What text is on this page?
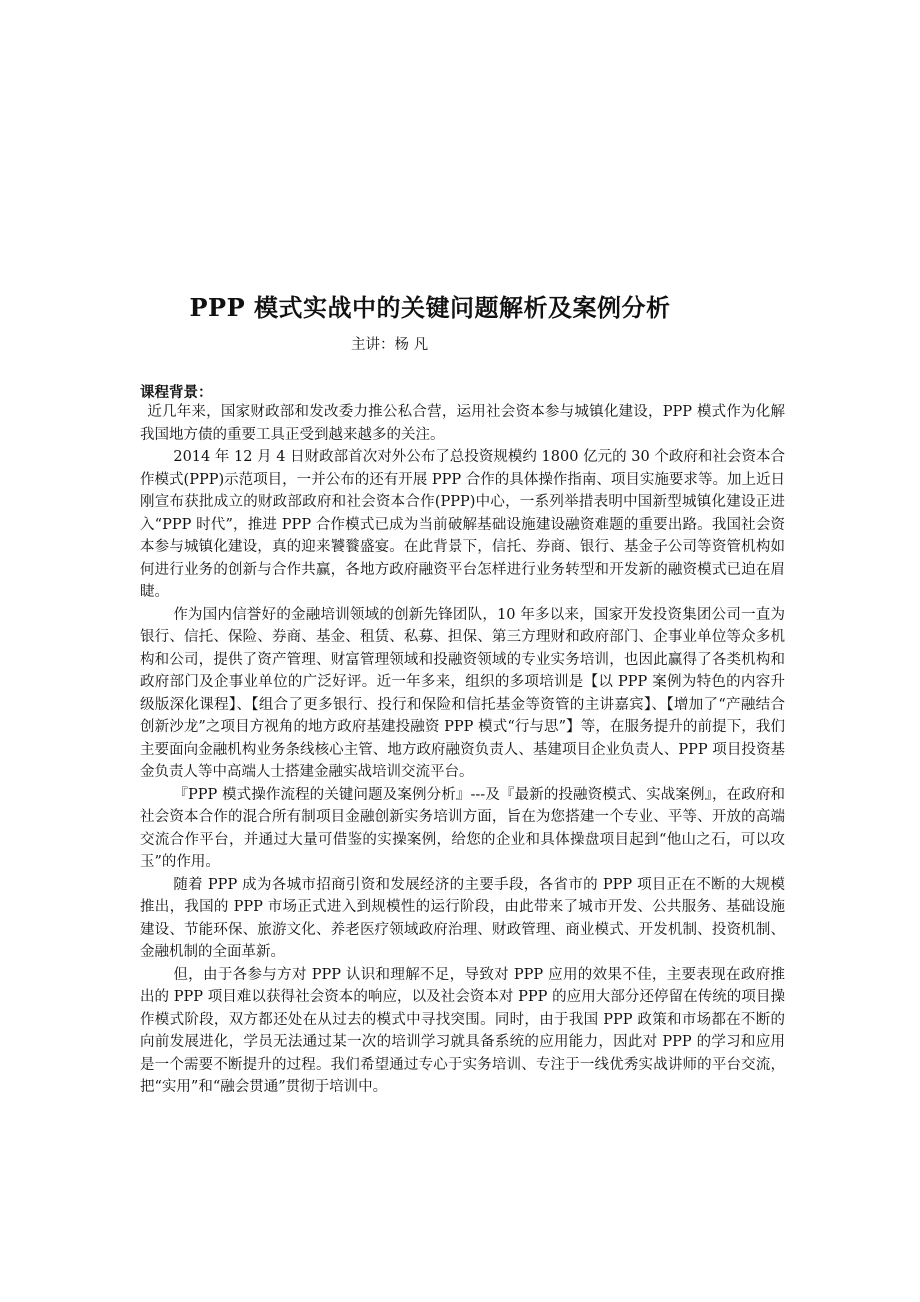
PPP 模式实战中的关键问题解析及案例分析
主讲：杨 凡
课程背景：

近几年来，国家财政部和发改委力推公私合营，运用社会资本参与城镇化建设，PPP 模式作为化解我国地方债的重要工具正受到越来越多的关注。

2014 年 12 月 4 日财政部首次对外公布了总投资规模约 1800 亿元的 30 个政府和社会资本合作模式(PPP)示范项目，一并公布的还有开展 PPP 合作的具体操作指南、项目实施要求等。加上近日刚宣布获批成立的财政部政府和社会资本合作(PPP)中心，一系列举措表明中国新型城镇化建设正进入“PPP 时代”，推进 PPP 合作模式已成为当前破解基础设施建设融资难题的重要出路。我国社会资本参与城镇化建设，真的迎来饕餮盛宴。在此背景下，信托、券商、银行、基金子公司等资管机构如何进行业务的创新与合作共赢，各地方政府融资平台怎样进行业务转型和开发新的融资模式已迫在眉睫。

作为国内信誉好的金融培训领域的创新先锋团队，10 年多以来，国家开发投资集团公司一直为银行、信托、保险、券商、基金、租赁、私募、担保、第三方理财和政府部门、企事业单位等众多机构和公司，提供了资产管理、财富管理领域和投融资领域的专业实务培训，也因此赢得了各类机构和政府部门及企事业单位的广泛好评。近一年多来，组织的多项培训是【以 PPP 案例为特色的内容升级版深化课程】、【组合了更多银行、投行和保险和信托基金等资管的主讲嘉宾】、【增加了“产融结合创新沙龙”之项目方视角的地方政府基建投融资 PPP 模式“行与思”】等，在服务提升的前提下，我们主要面向金融机构业务条线核心主管、地方政府融资负责人、基建项目企业负责人、PPP 项目投资基金负责人等中高端人士搭建金融实战培训交流平台。

『PPP 模式操作流程的关键问题及案例分析』---及『最新的投融资模式、实战案例』，在政府和社会资本合作的混合所有制项目金融创新实务培训方面，旨在为您搭建一个专业、平等、开放的高端交流合作平台，并通过大量可借鉴的实操案例，给您的企业和具体操盘项目起到“他山之石，可以攻玉”的作用。

随着 PPP 成为各城市招商引资和发展经济的主要手段，各省市的 PPP 项目正在不断的大规模推出，我国的 PPP 市场正式进入到规模性的运行阶段，由此带来了城市开发、公共服务、基础设施建设、节能环保、旅游文化、养老医疗领域政府治理、财政管理、商业模式、开发机制、投资机制、金融机制的全面革新。

但，由于各参与方对 PPP 认识和理解不足，导致对 PPP 应用的效果不佳，主要表现在政府推出的 PPP 项目难以获得社会资本的响应，以及社会资本对 PPP 的应用大部分还停留在传统的项目操作模式阶段，双方都还处在从过去的模式中寻找突围。同时，由于我国 PPP 政策和市场都在不断的向前发展进化，学员无法通过某一次的培训学习就具备系统的应用能力，因此对 PPP 的学习和应用是一个需要不断提升的过程。我们希望通过专心于实务培训、专注于一线优秀实战讲师的平台交流，把“实用”和“融会贯通”贯彻于培训中。
